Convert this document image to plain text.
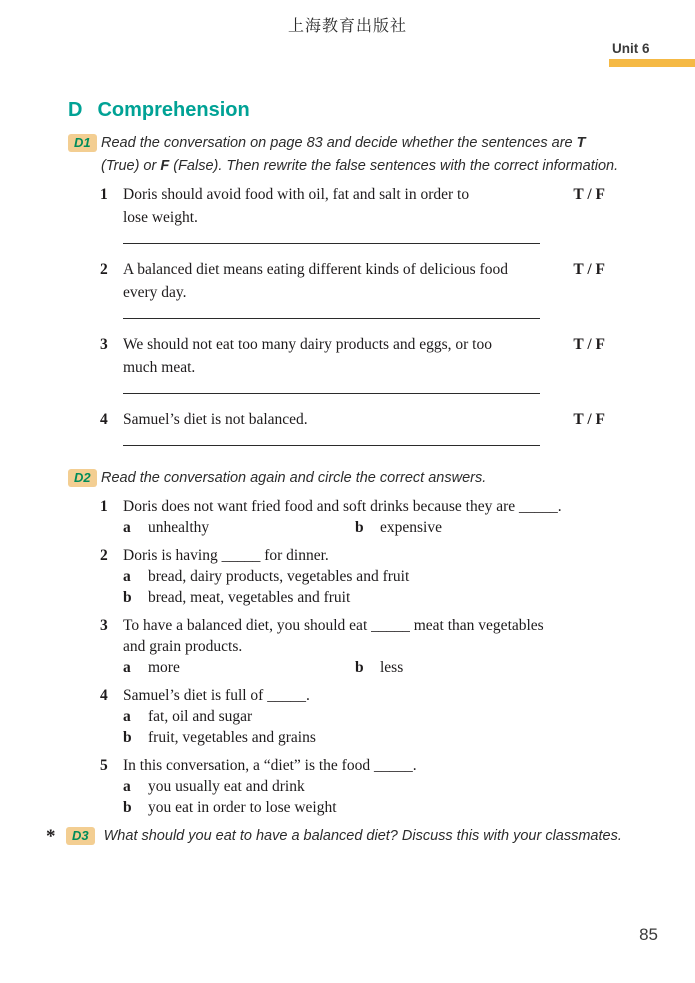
上海教育出版社
Unit 6
D Comprehension
D1 Read the conversation on page 83 and decide whether the sentences are T (True) or F (False). Then rewrite the false sentences with the correct information.
1 Doris should avoid food with oil, fat and salt in order to
lose weight.
T / F
2 A balanced diet means eating different kinds of delicious food
every day.
T / F
3 We should not eat too many dairy products and eggs, or too
much meat.
T / F
4 Samuel’s diet is not balanced.	T / F
D2 Read the conversation again and circle the correct answers.
1 Doris does not want fried food and soft drinks because they are _____.
a	unhealthy	b	expensive
2 Doris is having _____ for dinner.
a	bread, dairy products, vegetables and fruit
b	bread, meat, vegetables and fruit
3 To have a balanced diet, you should eat _____ meat than vegetables
and grain products.
a	more	b	less
4 Samuel’s diet is full of _____.
a	fat, oil and sugar
b	fruit, vegetables and grains
5 In this conversation, a “diet” is the food _____.
a	you usually eat and drink
b	you eat in order to lose weight
*	D3	What should you eat to have a balanced diet? Discuss this with your classmates.
85
